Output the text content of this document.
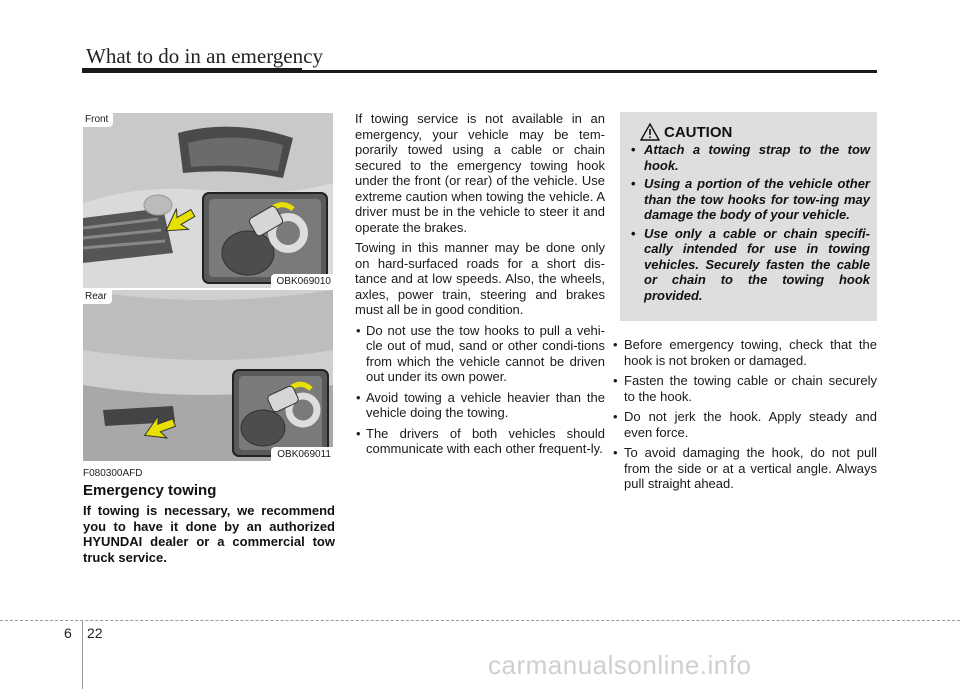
What to do in an emergency
Front
OBK069010
Rear
OBK069011
F080300AFD
Emergency towing
If towing is necessary, we recommend you to have it done by an authorized HYUNDAI dealer or a commercial tow truck service.

If towing service is not available in an emergency, your vehicle may be tem-porarily towed using a cable or chain secured to the emergency towing hook under the front (or rear) of the vehicle. Use extreme caution when towing the vehicle. A driver must be in the vehicle to steer it and operate the brakes.

Towing in this manner may be done only on hard-surfaced roads for a short dis-tance and at low speeds. Also, the wheels, axles, power train, steering and brakes must all be in good condition.

• Do not use the tow hooks to pull a vehi-cle out of mud, sand or other condi-tions from which the vehicle cannot be driven out under its own power.
• Avoid towing a vehicle heavier than the vehicle doing the towing.
• The drivers of both vehicles should communicate with each other frequent-ly.
CAUTION
• Attach a towing strap to the tow hook.
• Using a portion of the vehicle other than the tow hooks for tow-ing may damage the body of your vehicle.
• Use only a cable or chain specifi-cally intended for use in towing vehicles. Securely fasten the cable or chain to the towing hook provided.
• Before emergency towing, check that the hook is not broken or damaged.
• Fasten the towing cable or chain securely to the hook.
• Do not jerk the hook. Apply steady and even force.
• To avoid damaging the hook, do not pull from the side or at a vertical angle. Always pull straight ahead.
6 22
carmanualsonline.info
